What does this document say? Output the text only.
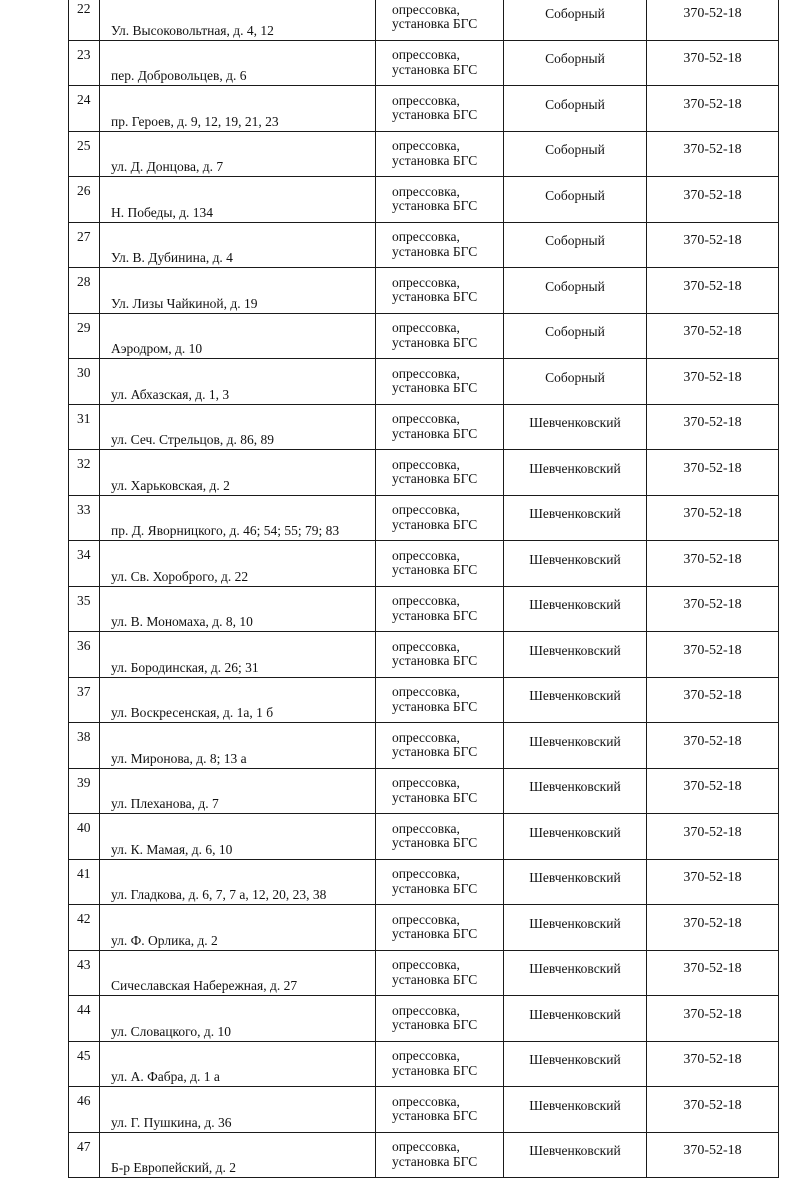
22	Ул. Высоковольтная, д. 4, 12	опрессовка,
установка БГС	Соборный	370-52-18
23	пер. Добровольцев, д. 6	опрессовка,
установка БГС	Соборный	370-52-18
24	пр. Героев, д. 9, 12, 19, 21, 23	опрессовка,
установка БГС	Соборный	370-52-18
25	ул. Д. Донцова, д. 7	опрессовка,
установка БГС	Соборный	370-52-18
26	Н. Победы, д. 134	опрессовка,
установка БГС	Соборный	370-52-18
27	Ул. В. Дубинина, д. 4	опрессовка,
установка БГС	Соборный	370-52-18
28	Ул. Лизы Чайкиной, д. 19	опрессовка,
установка БГС	Соборный	370-52-18
29	Аэродром, д. 10	опрессовка,
установка БГС	Соборный	370-52-18
30	ул. Абхазская, д. 1, 3	опрессовка,
установка БГС	Соборный	370-52-18
31	ул. Сеч. Стрельцов, д. 86, 89	опрессовка,
установка БГС	Шевченковский	370-52-18
32	ул. Харьковская, д. 2	опрессовка,
установка БГС	Шевченковский	370-52-18
33	пр. Д. Яворницкого, д. 46; 54; 55; 79; 83	опрессовка,
установка БГС	Шевченковский	370-52-18
34	ул. Св. Хороброго, д. 22	опрессовка,
установка БГС	Шевченковский	370-52-18
35	ул. В. Мономаха, д. 8, 10	опрессовка,
установка БГС	Шевченковский	370-52-18
36	ул. Бородинская, д. 26; 31	опрессовка,
установка БГС	Шевченковский	370-52-18
37	ул. Воскресенская, д. 1а, 1 б	опрессовка,
установка БГС	Шевченковский	370-52-18
38	ул. Миронова, д. 8; 13 а	опрессовка,
установка БГС	Шевченковский	370-52-18
39	ул. Плеханова, д. 7	опрессовка,
установка БГС	Шевченковский	370-52-18
40	ул. К. Мамая, д. 6, 10	опрессовка,
установка БГС	Шевченковский	370-52-18
41	ул. Гладкова, д. 6, 7, 7 а, 12, 20, 23, 38	опрессовка,
установка БГС	Шевченковский	370-52-18
42	ул. Ф. Орлика, д. 2	опрессовка,
установка БГС	Шевченковский	370-52-18
43	Сичеславская Набережная, д. 27	опрессовка,
установка БГС	Шевченковский	370-52-18
44	ул. Словацкого, д. 10	опрессовка,
установка БГС	Шевченковский	370-52-18
45	ул. А. Фабра, д. 1 а	опрессовка,
установка БГС	Шевченковский	370-52-18
46	ул. Г. Пушкина, д. 36	опрессовка,
установка БГС	Шевченковский	370-52-18
47	Б-р Европейский, д. 2	опрессовка,
установка БГС	Шевченковский	370-52-18
